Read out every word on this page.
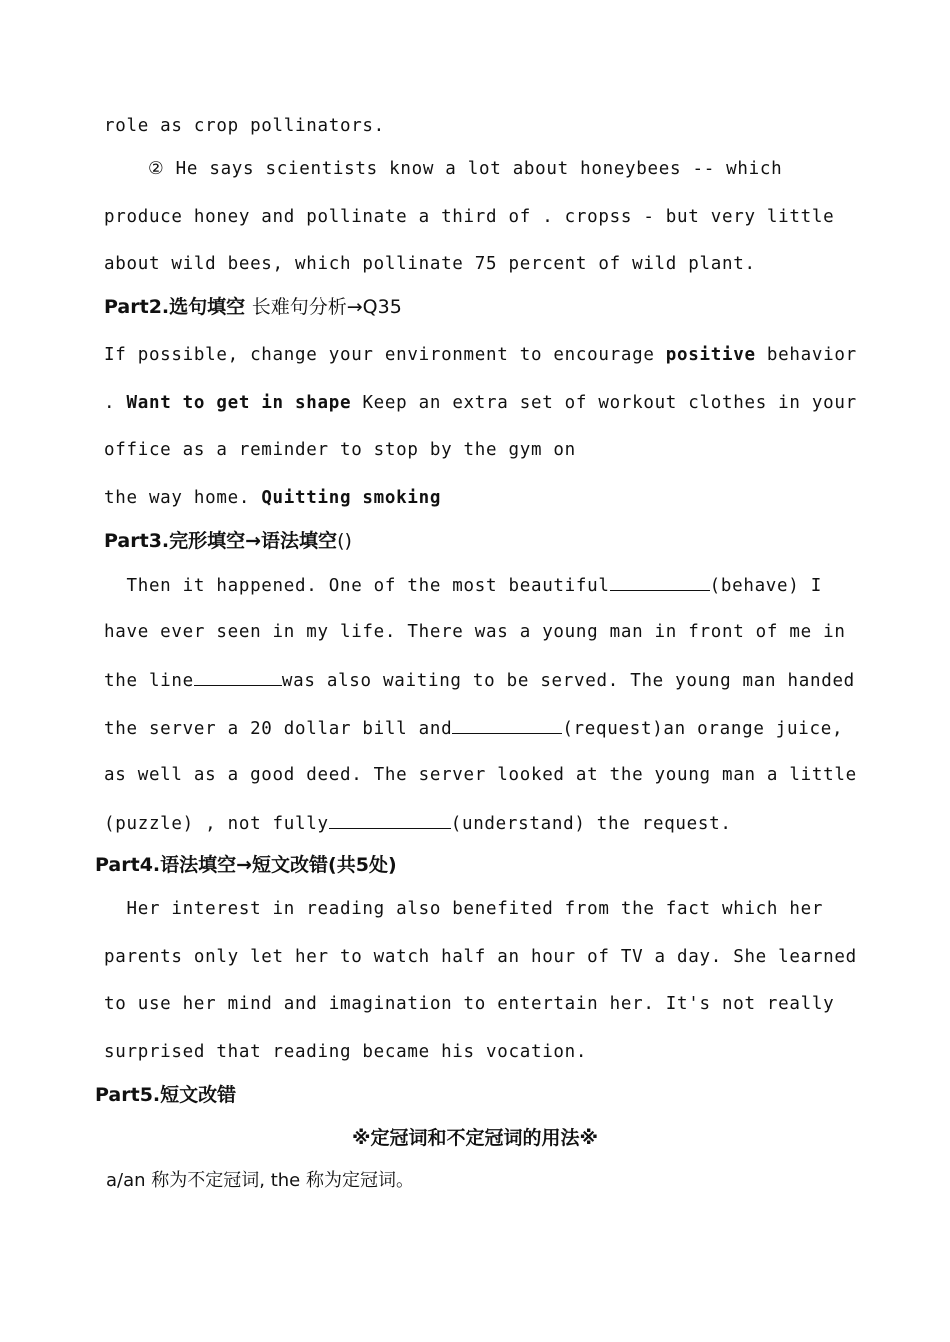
role as crop pollinators.
② He says scientists know a lot about honeybees -- which
produce honey and pollinate a third of . cropss - but very little
about wild bees, which pollinate 75 percent of wild plant.
Part2.选句填空 长难句分析→Q35
If possible, change your environment to encourage positive behavior
. Want to get in shape Keep an extra set of workout clothes in your
office as a reminder to stop by the gym on
the way home. Quitting smoking
Part3.完形填空→语法填空()
Then it happened. One of the most beautiful	(behave) I
have ever seen in my life. There was a young man in front of me in
the line	was also waiting to be served. The young man handed
the server a 20 dollar bill and	(request)an orange juice,
as well as a good deed. The server looked at the young man a little
(puzzle) , not fully	(understand) the request.
Part4.语法填空→短文改错(共5处)
Her interest in reading also benefited from the fact which her
parents only let her to watch half an hour of TV a day. She learned
to use her mind and imagination to entertain her. It's not really
surprised that reading became his vocation.
Part5.短文改错
※定冠词和不定冠词的用法※
a/an 称为不定冠词, the 称为定冠词。
